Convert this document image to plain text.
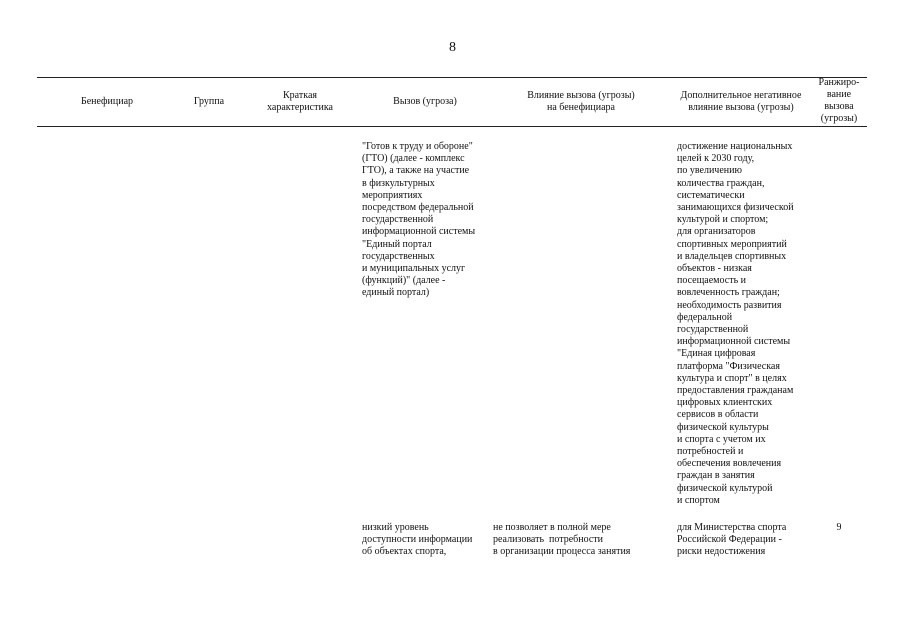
8
Бенефициар	Группа
Краткая
характеристика
Вызов (угроза)
Влияние вызова (угрозы)
на бенефициара
Дополнительное негативное
влияние вызова (угрозы)
Ранжиро-
вание
вызова
(угрозы)
"Готов к труду и обороне"
(ГТО) (далее - комплекс
ГТО), а также на участие
в физкультурных
мероприятиях
посредством федеральной
государственной
информационной системы
"Единый портал
государственных
и муниципальных услуг
(функций)" (далее -
единый портал)
достижение национальных
целей к 2030 году,
по увеличению
количества граждан,
систематически
занимающихся физической
культурой и спортом;
для организаторов
спортивных мероприятий
и владельцев спортивных
объектов - низкая
посещаемость и
вовлеченность граждан;
необходимость развития
федеральной
государственной
информационной системы
"Единая цифровая
платформа "Физическая
культура и спорт" в целях
предоставления гражданам
цифровых клиентских
сервисов в области
физической культуры
и спорта с учетом их
потребностей и
обеспечения вовлечения
граждан в занятия
физической культурой
и спортом
низкий уровень
доступности информации
об объектах спорта,
не позволяет в полной мере
реализовать  потребности
в организации процесса занятия
для Министерства спорта
Российской Федерации -
риски недостижения
9
